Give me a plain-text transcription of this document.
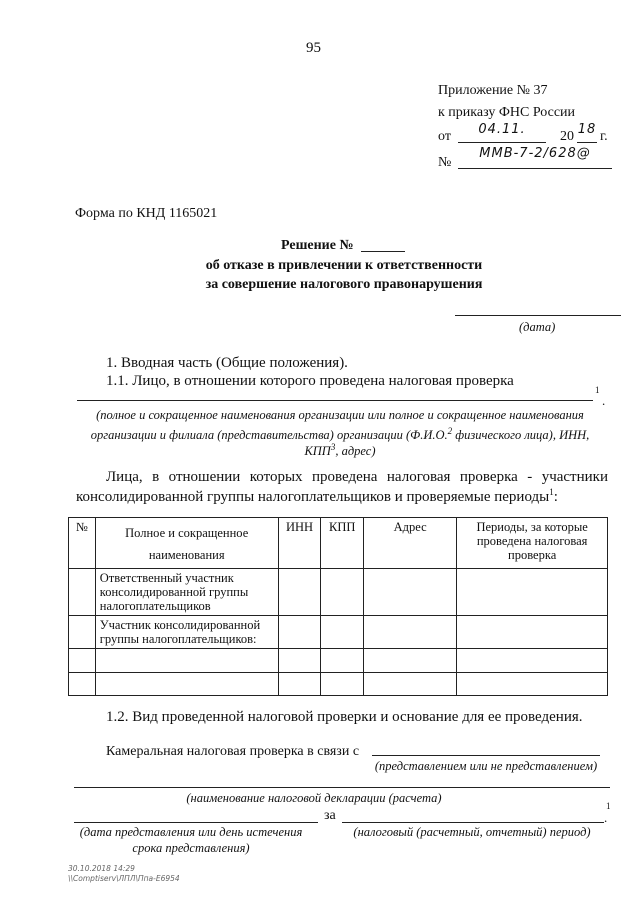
95
Приложение № 37
к приказу ФНС России
от	04.11.	20 18 г.
№
ММВ-7-2/628@
Форма по КНД 1165021
Решение №
об отказе в привлечении к ответственности
за совершение налогового правонарушения
(дата)
1. Вводная часть (Общие положения).
1.1. Лицо, в отношении которого проведена налоговая проверка
1
.
(полное и сокращенное наименования организации или полное и сокращенное наименования
организации и филиала (представительства) организации (Ф.И.О.$^2$ физического лица), ИНН,
КПП$^3$, адрес)
Лица, в отношении которых проведена налоговая проверка - участники
консолидированной группы налогоплательщиков и проверяемые периоды$^1$:
№	Полное и сокращенное наименования	ИНН	КПП	Адрес	Периоды, за которые проведена налоговая проверка
	Ответственный участник консолидированной группы налогоплательщиков				
	Участник консолидированной группы налогоплательщиков:				

1.2. Вид проведенной налоговой проверки и основание для ее проведения.
Камеральная налоговая проверка в связи с
(представлением или не представлением)
(наименование налоговой декларации (расчета)
за
1
.
(дата представления или день истечения
срока представления)
(налоговый (расчетный, отчетный) период)
30.10.2018 14:29
\\Comptiserv\ЛПЛ\Ппа-Е6954
